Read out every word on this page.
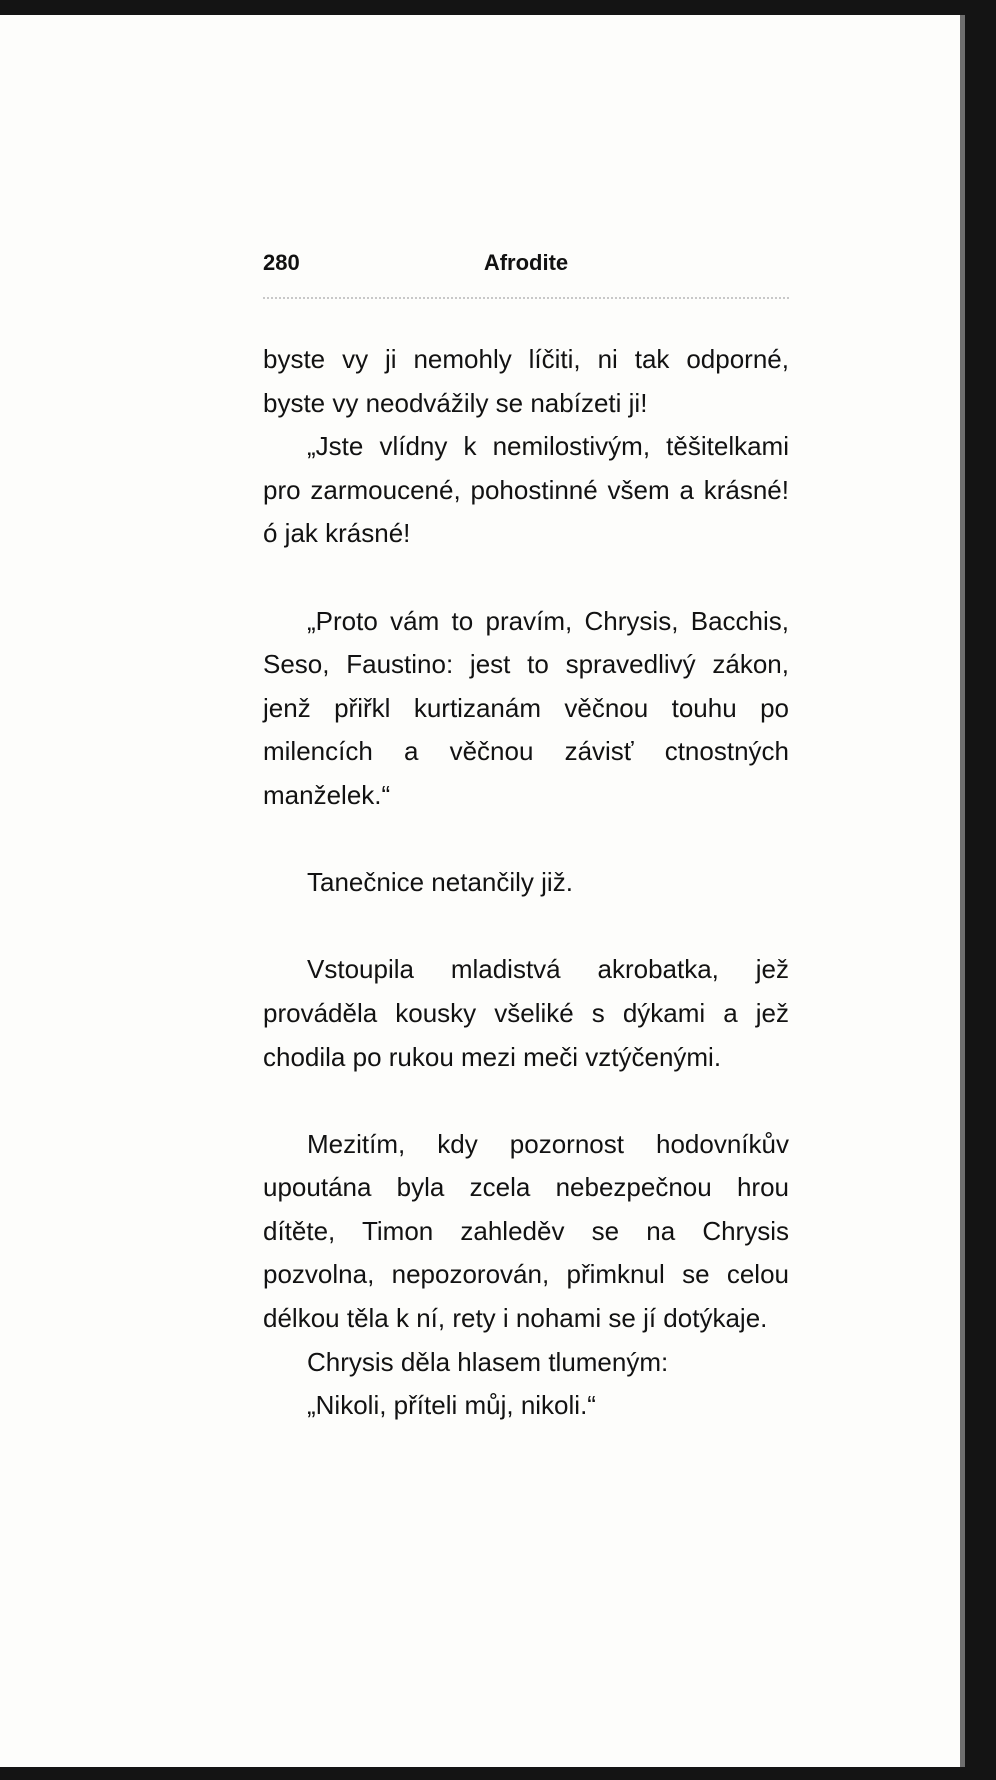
280	Afrodite

byste vy ji nemohly líčiti, ni tak odporné, byste vy neodvážily se nabízeti ji!

„Jste vlídny k nemilostivým, těšitelkami pro zarmoucené, pohostinné všem a krásné! ó jak krásné!

„Proto vám to pravím, Chrysis, Bacchis, Seso, Faustino: jest to spravedlivý zákon, jenž přiřkl kurtizanám věčnou touhu po milencích a věčnou závisť ctnostných manželek.“

Tanečnice netančily již.

Vstoupila mladistvá akrobatka, jež prováděla kousky všeliké s dýkami a jež chodila po rukou mezi meči vztýčenými.

Mezitím, kdy pozornost hodovníkův upoutána byla zcela nebezpečnou hrou dítěte, Timon zahleděv se na Chrysis pozvolna, nepozorován, přimknul se celou délkou těla k ní, rety i nohami se jí dotýkaje.

Chrysis děla hlasem tlumeným:

„Nikoli, příteli můj, nikoli.“
